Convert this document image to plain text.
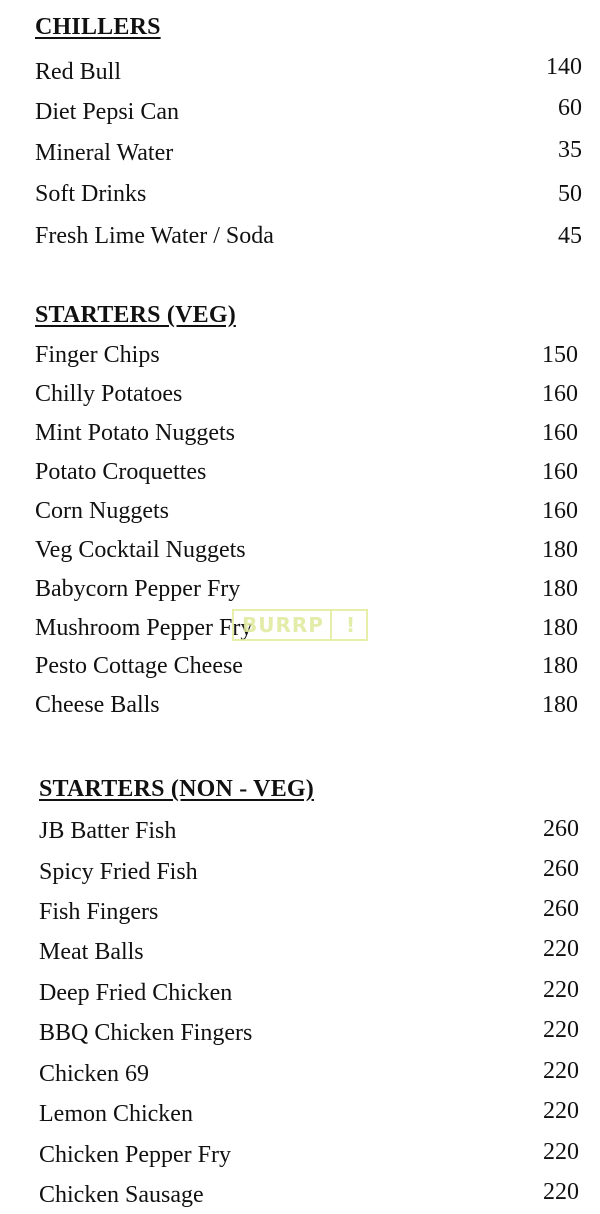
CHILLERS
Red Bull	140
Diet Pepsi Can	60
Mineral Water	35
Soft Drinks	50
Fresh Lime Water / Soda	45
STARTERS (VEG)
Finger Chips	150
Chilly Potatoes	160
Mint Potato Nuggets	160
Potato Croquettes	160
Corn Nuggets	160
Veg Cocktail Nuggets	180
Babycorn Pepper Fry	180
Mushroom Pepper Fry	180
Pesto Cottage Cheese	180
Cheese Balls	180
STARTERS (NON - VEG)
JB Batter Fish	260
Spicy Fried Fish	260
Fish Fingers	260
Meat Balls	220
Deep Fried Chicken	220
BBQ Chicken Fingers	220
Chicken 69	220
Lemon Chicken	220
Chicken Pepper Fry	220
Chicken Sausage	220
BURRP !
